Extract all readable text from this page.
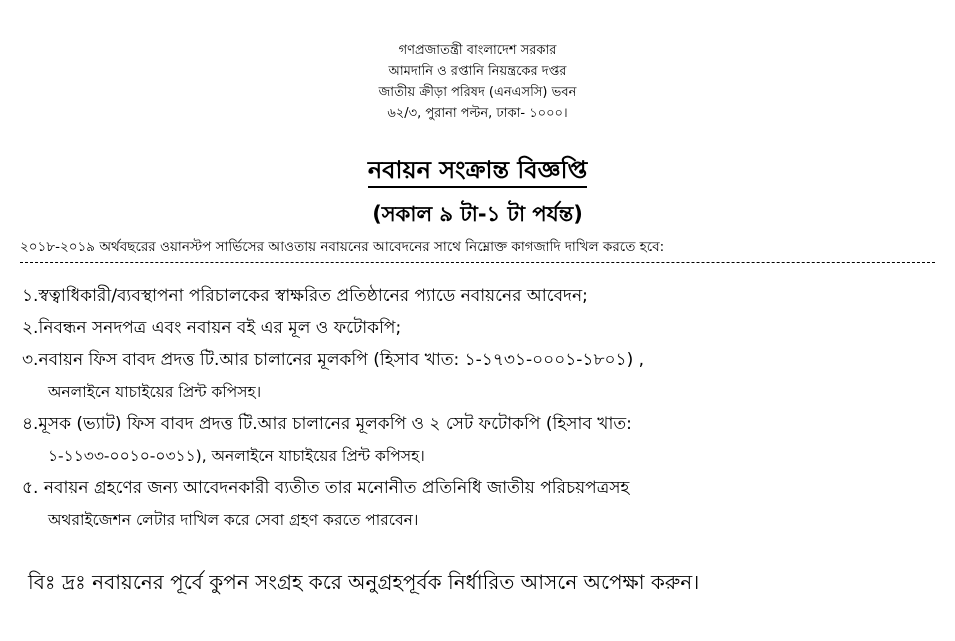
গণপ্রজাতন্ত্রী বাংলাদেশ সরকার
আমদানি ও রপ্তানি নিয়ন্ত্রকের দপ্তর
জাতীয় ক্রীড়া পরিষদ (এনএসসি) ভবন
৬২/৩, পুরানা পল্টন, ঢাকা- ১০০০।
নবায়ন সংক্রান্ত বিজ্ঞপ্তি
(সকাল ৯ টা-১ টা পর্যন্ত)
২০১৮-২০১৯ অর্থবছরের ওয়ানস্টপ সার্ভিসের আওতায় নবায়নের আবেদনের সাথে নিম্নোক্ত কাগজাদি দাখিল করতে হবে:
১.স্বত্বাধিকারী/ব্যবস্থাপনা পরিচালকের স্বাক্ষরিত প্রতিষ্ঠানের প্যাডে নবায়নের আবেদন;
২.নিবন্ধন সনদপত্র এবং নবায়ন বই এর মূল ও ফটোকপি;
৩.নবায়ন ফিস বাবদ প্রদত্ত টি.আর চালানের মূলকপি (হিসাব খাত: ১-১৭৩১-০০০১-১৮০১) ,
অনলাইনে যাচাইয়ের প্রিন্ট কপিসহ।
৪.মূসক (ভ্যাট) ফিস বাবদ প্রদত্ত টি.আর চালানের মূলকপি ও ২ সেট ফটোকপি (হিসাব খাত:
১-১১৩৩-০০১০-০৩১১), অনলাইনে যাচাইয়ের প্রিন্ট কপিসহ।
৫. নবায়ন গ্রহণের জন্য আবেদনকারী ব্যতীত তার মনোনীত প্রতিনিধি জাতীয় পরিচয়পত্রসহ
অথরাইজেশন লেটার দাখিল করে সেবা গ্রহণ করতে পারবেন।
বিঃ দ্রঃ নবায়নের পূর্বে কুপন সংগ্রহ করে অনুগ্রহপূর্বক নির্ধারিত আসনে অপেক্ষা করুন।
